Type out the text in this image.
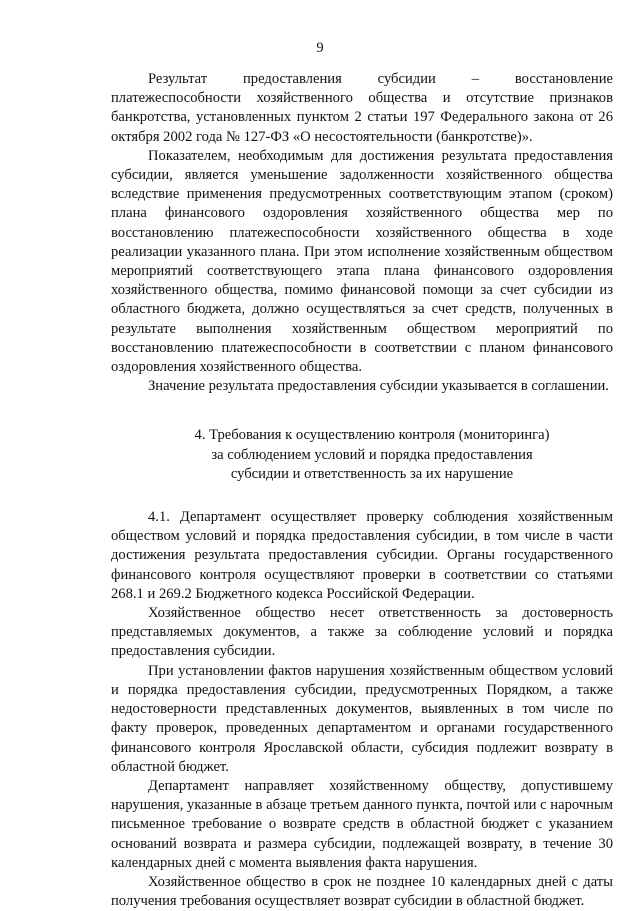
9

Результат предоставления субсидии – восстановление платежеспособности хозяйственного общества и отсутствие признаков банкротства, установленных пунктом 2 статьи 197 Федерального закона от 26 октября 2002 года № 127-ФЗ «О несостоятельности (банкротстве)».

Показателем, необходимым для достижения результата предоставления субсидии, является уменьшение задолженности хозяйственного общества вследствие применения предусмотренных соответствующим этапом (сроком) плана финансового оздоровления хозяйственного общества мер по восстановлению платежеспособности хозяйственного общества в ходе реализации указанного плана. При этом исполнение хозяйственным обществом мероприятий соответствующего этапа плана финансового оздоровления хозяйственного общества, помимо финансовой помощи за счет субсидии из областного бюджета, должно осуществляться за счет средств, полученных в результате выполнения хозяйственным обществом мероприятий по восстановлению платежеспособности в соответствии с планом финансового оздоровления хозяйственного общества.

Значение результата предоставления субсидии указывается в соглашении.

4. Требования к осуществлению контроля (мониторинга)
за соблюдением условий и порядка предоставления
субсидии и ответственность за их нарушение

4.1. Департамент осуществляет проверку соблюдения хозяйственным обществом условий и порядка предоставления субсидии, в том числе в части достижения результата предоставления субсидии. Органы государственного финансового контроля осуществляют проверки в соответствии со статьями 268.1 и 269.2 Бюджетного кодекса Российской Федерации.

Хозяйственное общество несет ответственность за достоверность представляемых документов, а также за соблюдение условий и порядка предоставления субсидии.

При установлении фактов нарушения хозяйственным обществом условий и порядка предоставления субсидии, предусмотренных Порядком, а также недостоверности представленных документов, выявленных в том числе по факту проверок, проведенных департаментом и органами государственного финансового контроля Ярославской области, субсидия подлежит возврату в областной бюджет.

Департамент направляет хозяйственному обществу, допустившему нарушения, указанные в абзаце третьем данного пункта, почтой или с нарочным письменное требование о возврате средств в областной бюджет с указанием оснований возврата и размера субсидии, подлежащей возврату, в течение 30 календарных дней с момента выявления факта нарушения.

Хозяйственное общество в срок не позднее 10 календарных дней с даты получения требования осуществляет возврат субсидии в областной бюджет.
